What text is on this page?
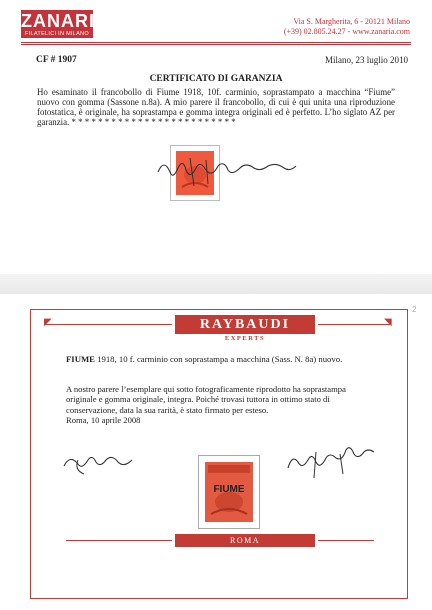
ZANARIA
FILATELICI IN MILANO
Via S. Margherita, 6 - 20121 Milano
(+39) 02.805.24.27 - www.zanaria.com
CF # 1907	Milano, 23 luglio 2010
CERTIFICATO DI GARANZIA
Ho esaminato il francobollo di Fiume 1918, 10f. carminio, soprastampato a macchina “Fiume” nuovo con gomma (Sassone n.8a). A mio parere il francobollo, di cui è qui unita una riproduzione fotostatica, è originale, ha soprastampa e gomma integra originali ed è perfetto. L’ho siglato AZ per garanzia. * * * * * * * * * * * * * * * * * * * * * * * * *
2
◤	◥
RAYBAUDI
EXPERTS
FIUME 1918, 10 f. carminio con soprastampa a macchina (Sass. N. 8a) nuovo.
A nostro parere l’esemplare qui sotto fotograficamente riprodotto ha soprastampa originale e gomma originale, integra. Poiché trovasi tuttora in ottimo stato di conservazione, data la sua rarità, è stato firmato per esteso.
Roma, 10 aprile 2008
FIUME
ROMA
